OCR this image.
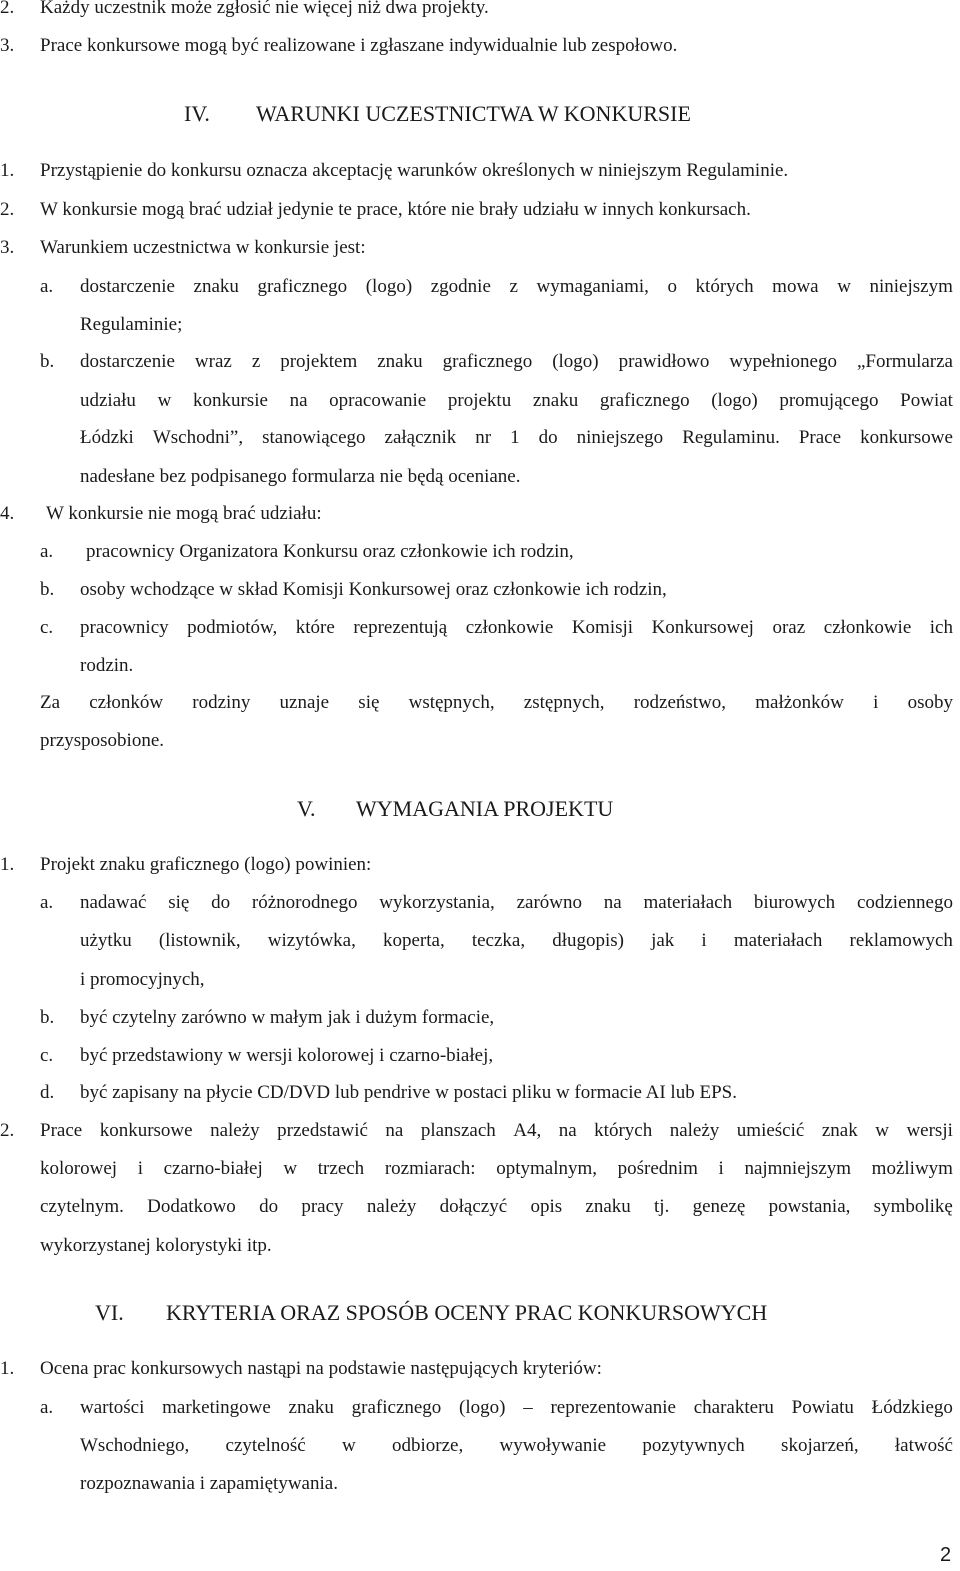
2. Każdy uczestnik może zgłosić nie więcej niż dwa projekty.
3. Prace konkursowe mogą być realizowane i zgłaszane indywidualnie lub zespołowo.
IV. WARUNKI UCZESTNICTWA W KONKURSIE
1. Przystąpienie do konkursu oznacza akceptację warunków określonych w niniejszym Regulaminie.
2. W konkursie mogą brać udział jedynie te prace, które nie brały udziału w innych konkursach.
3. Warunkiem uczestnictwa w konkursie jest:
a. dostarczenie znaku graficznego (logo) zgodnie z wymaganiami, o których mowa w niniejszym
Regulaminie;
b. dostarczenie wraz z projektem znaku graficznego (logo) prawidłowo wypełnionego „Formularza
udziału w konkursie na opracowanie projektu znaku graficznego (logo) promującego Powiat
Łódzki Wschodni”, stanowiącego załącznik nr 1 do niniejszego Regulaminu. Prace konkursowe
nadesłane bez podpisanego formularza nie będą oceniane.
4. W konkursie nie mogą brać udziału:
a. pracownicy Organizatora Konkursu oraz członkowie ich rodzin,
b. osoby wchodzące w skład Komisji Konkursowej oraz członkowie ich rodzin,
c. pracownicy podmiotów, które reprezentują członkowie Komisji Konkursowej oraz członkowie ich
rodzin.
Za członków rodziny uznaje się wstępnych, zstępnych, rodzeństwo, małżonków i osoby
przysposobione.
V. WYMAGANIA PROJEKTU
1. Projekt znaku graficznego (logo) powinien:
a. nadawać się do różnorodnego wykorzystania, zarówno na materiałach biurowych codziennego
użytku (listownik, wizytówka, koperta, teczka, długopis) jak i materiałach reklamowych
i promocyjnych,
b. być czytelny zarówno w małym jak i dużym formacie,
c. być przedstawiony w wersji kolorowej i czarno-białej,
d. być zapisany na płycie CD/DVD lub pendrive w postaci pliku w formacie AI lub EPS.
2. Prace konkursowe należy przedstawić na planszach A4, na których należy umieścić znak w wersji
kolorowej i czarno-białej w trzech rozmiarach: optymalnym, pośrednim i najmniejszym możliwym
czytelnym. Dodatkowo do pracy należy dołączyć opis znaku tj. genezę powstania, symbolikę
wykorzystanej kolorystyki itp.
VI. KRYTERIA ORAZ SPOSÓB OCENY PRAC KONKURSOWYCH
1. Ocena prac konkursowych nastąpi na podstawie następujących kryteriów:
a. wartości marketingowe znaku graficznego (logo) – reprezentowanie charakteru Powiatu Łódzkiego
Wschodniego, czytelność w odbiorze, wywoływanie pozytywnych skojarzeń, łatwość
rozpoznawania i zapamiętywania.
2
